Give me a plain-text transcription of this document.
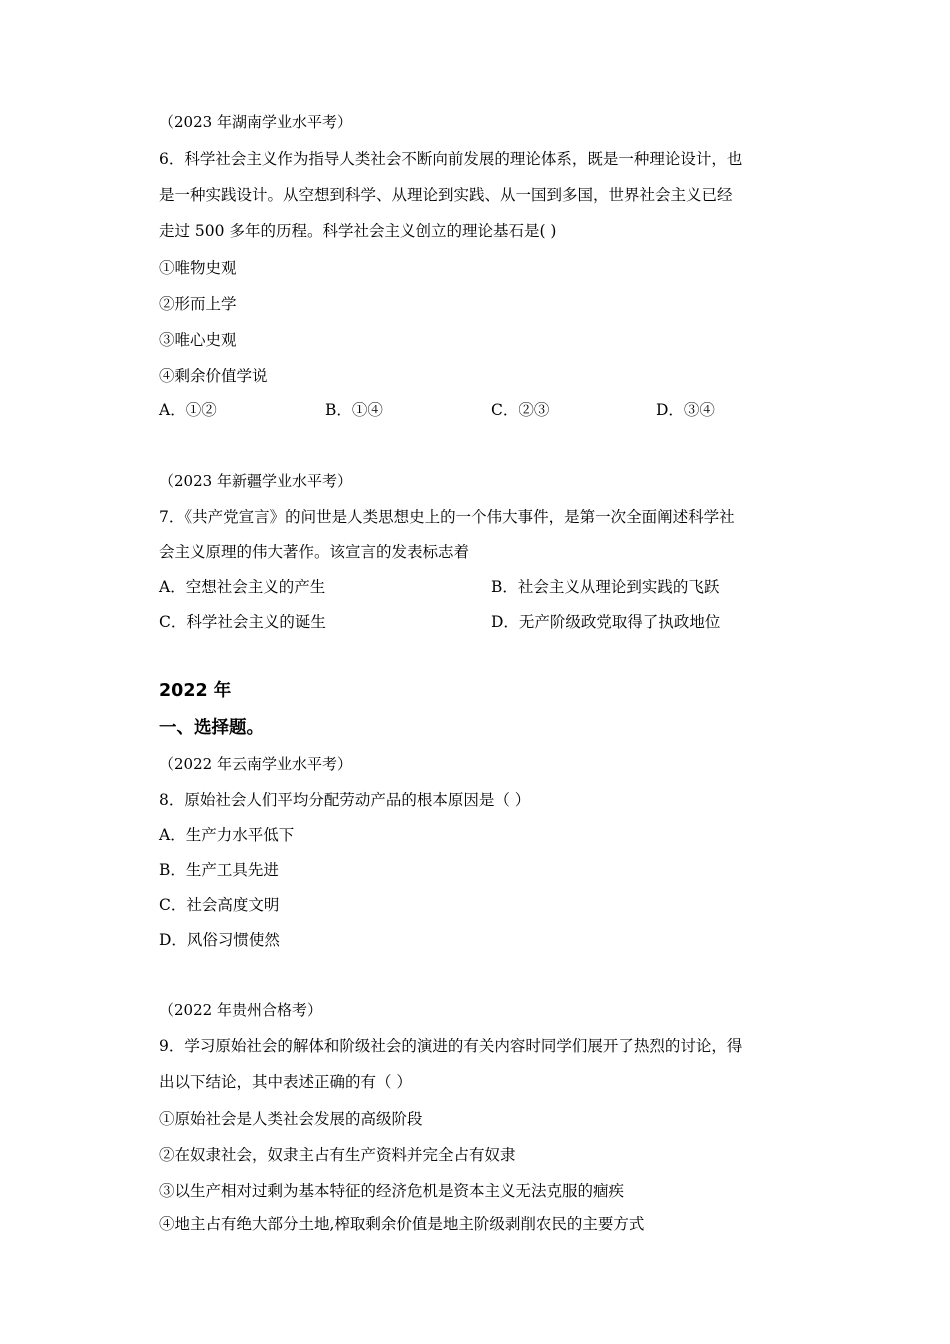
（2023 年湖南学业水平考）
6．科学社会主义作为指导人类社会不断向前发展的理论体系，既是一种理论设计，也
是一种实践设计。从空想到科学、从理论到实践、从一国到多国，世界社会主义已经
走过 500 多年的历程。科学社会主义创立的理论基石是( )
①唯物史观
②形而上学
③唯心史观
④剩余价值学说
A．①②	B．①④	C．②③	D．③④
（2023 年新疆学业水平考）
7．《共产党宣言》的问世是人类思想史上的一个伟大事件，是第一次全面阐述科学社
会主义原理的伟大著作。该宣言的发表标志着
A．空想社会主义的产生	B．社会主义从理论到实践的飞跃
C．科学社会主义的诞生	D．无产阶级政党取得了执政地位
2022 年
一、选择题。
（2022 年云南学业水平考）
8．原始社会人们平均分配劳动产品的根本原因是（ ）
A．生产力水平低下
B．生产工具先进
C．社会高度文明
D．风俗习惯使然
（2022 年贵州合格考）
9．学习原始社会的解体和阶级社会的演进的有关内容时同学们展开了热烈的讨论，得
出以下结论，其中表述正确的有（ ）
①原始社会是人类社会发展的高级阶段
②在奴隶社会，奴隶主占有生产资料并完全占有奴隶
③以生产相对过剩为基本特征的经济危机是资本主义无法克服的痼疾
④地主占有绝大部分土地,榨取剩余价值是地主阶级剥削农民的主要方式
